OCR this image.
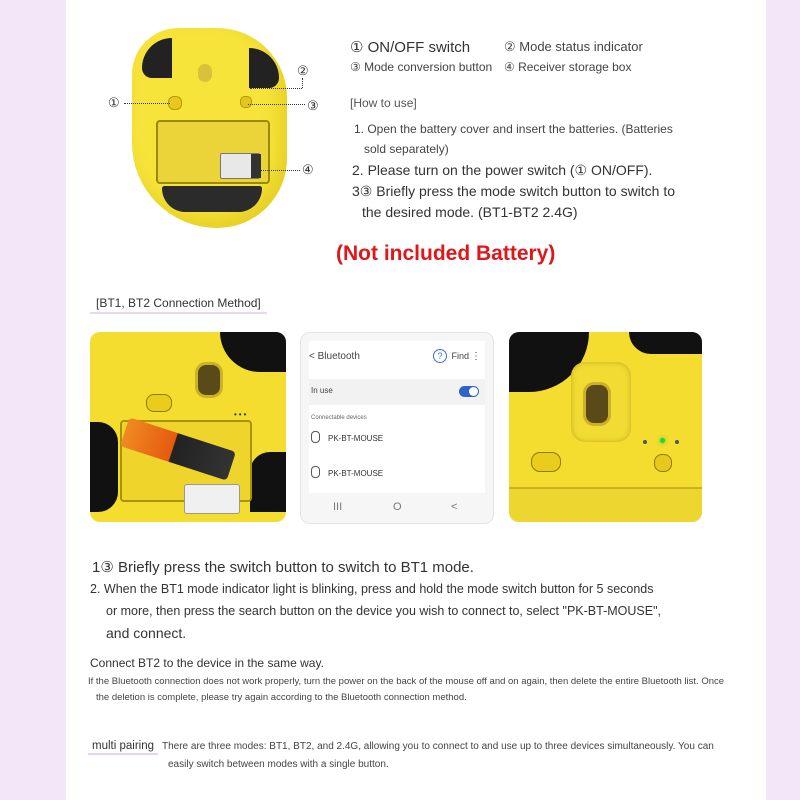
①
②
③
④
① ON/OFF switch	② Mode status indicator
③ Mode conversion button ④ Receiver storage box
[How to use]
1. Open the battery cover and insert the batteries. (Batteries
sold separately)
2. Please turn on the power switch (① ON/OFF).
3③ Briefly press the mode switch button to switch to
the desired mode. (BT1-BT2 2.4G)
(Not included Battery)
[BT1, BT2 Connection Method]
•••
< Bluetooth	? Find ⋮
In use
Connectable devices
PK-BT-MOUSE
PK-BT-MOUSE
III	O	<
1③ Briefly press the switch button to switch to BT1 mode.
2. When the BT1 mode indicator light is blinking, press and hold the mode switch button for 5 seconds
or more, then press the search button on the device you wish to connect to, select "PK-BT-MOUSE",
and connect.
Connect BT2 to the device in the same way.
If the Bluetooth connection does not work properly, turn the power on the back of the mouse off and on again, then delete the entire Bluetooth list. Once
the deletion is complete, please try again according to the Bluetooth connection method.
multi pairing There are three modes: BT1, BT2, and 2.4G, allowing you to connect to and use up to three devices simultaneously. You can
easily switch between modes with a single button.
